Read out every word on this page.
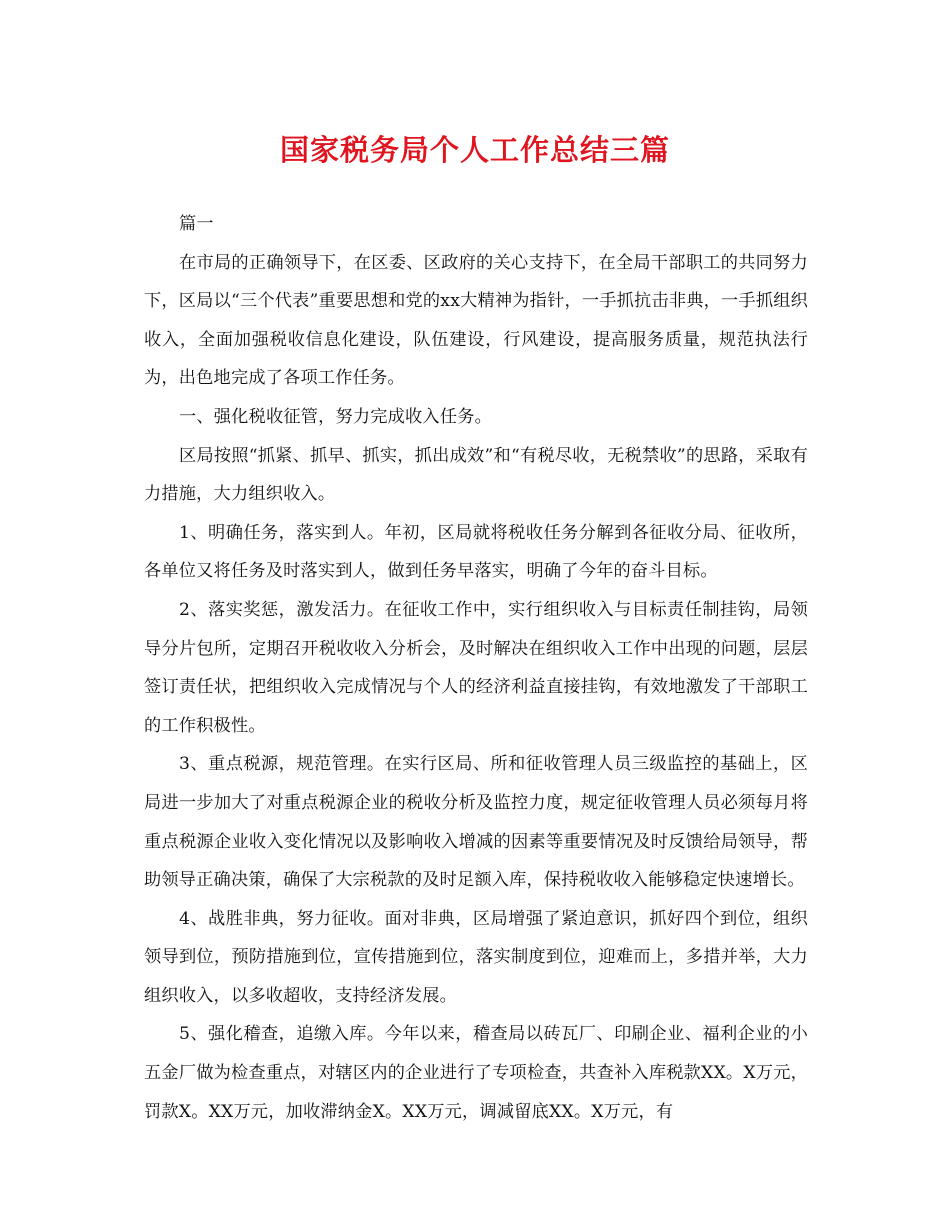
国家税务局个人工作总结三篇

篇一

在市局的正确领导下，在区委、区政府的关心支持下，在全局干部职工的共同努力下，区局以“三个代表”重要思想和党的xx大精神为指针，一手抓抗击非典，一手抓组织收入，全面加强税收信息化建设，队伍建设，行风建设，提高服务质量，规范执法行为，出色地完成了各项工作任务。

一、强化税收征管，努力完成收入任务。

区局按照“抓紧、抓早、抓实，抓出成效”和“有税尽收，无税禁收”的思路，采取有力措施，大力组织收入。

1、明确任务，落实到人。年初，区局就将税收任务分解到各征收分局、征收所，各单位又将任务及时落实到人，做到任务早落实，明确了今年的奋斗目标。

2、落实奖惩，激发活力。在征收工作中，实行组织收入与目标责任制挂钩，局领导分片包所，定期召开税收收入分析会，及时解决在组织收入工作中出现的问题，层层签订责任状，把组织收入完成情况与个人的经济利益直接挂钩，有效地激发了干部职工的工作积极性。

3、重点税源，规范管理。在实行区局、所和征收管理人员三级监控的基础上，区局进一步加大了对重点税源企业的税收分析及监控力度，规定征收管理人员必须每月将重点税源企业收入变化情况以及影响收入增减的因素等重要情况及时反馈给局领导，帮助领导正确决策，确保了大宗税款的及时足额入库，保持税收收入能够稳定快速增长。

4、战胜非典，努力征收。面对非典，区局增强了紧迫意识，抓好四个到位，组织领导到位，预防措施到位，宣传措施到位，落实制度到位，迎难而上，多措并举，大力组织收入，以多收超收，支持经济发展。

5、强化稽查，追缴入库。今年以来，稽查局以砖瓦厂、印刷企业、福利企业的小五金厂做为检查重点，对辖区内的企业进行了专项检查，共查补入库税款XX。X万元，罚款X。XX万元，加收滞纳金X。XX万元，调减留底XX。X万元，有
